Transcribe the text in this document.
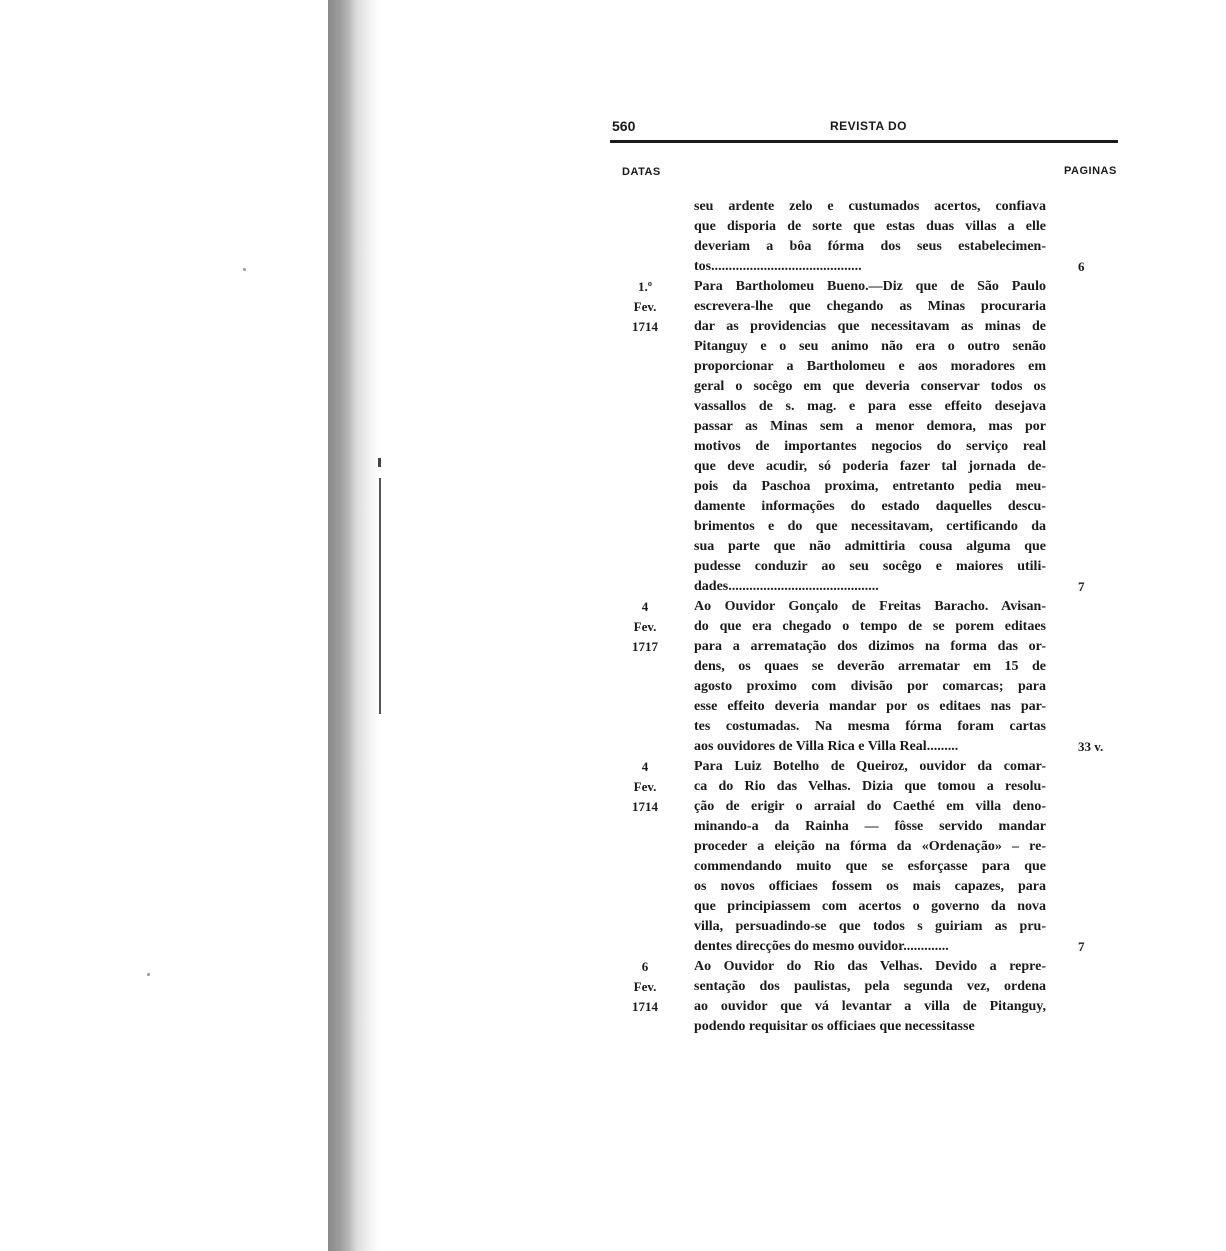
560	REVISTA DO
DATAS	PAGINAS
seu ardente zelo e custumados acertos, confiava
que disporia de sorte que estas duas villas a elle
deveriam a bôa fórma dos seus estabelecimen-
tos...........................................	6
1.º
Fev.
1714
Para Bartholomeu Bueno.—Diz que de São Paulo
escrevera-lhe que chegando as Minas procuraria
dar as providencias que necessitavam as minas de
Pitanguy e o seu animo não era o outro senão
proporcionar a Bartholomeu e aos moradores em
geral o socêgo em que deveria conservar todos os
vassallos de s. mag. e para esse effeito desejava
passar as Minas sem a menor demora, mas por
motivos de importantes negocios do serviço real
que deve acudir, só poderia fazer tal jornada de-
pois da Paschoa proxima, entretanto pedia meu-
damente informações do estado daquelles descu-
brimentos e do que necessitavam, certificando da
sua parte que não admittiria cousa alguma que
pudesse conduzir ao seu socêgo e maiores utili-
dades...........................................	7
4
Fev.
1717
Ao Ouvidor Gonçalo de Freitas Baracho. Avisan-
do que era chegado o tempo de se porem editaes
para a arrematação dos dizimos na forma das or-
dens, os quaes se deverão arrematar em 15 de
agosto proximo com divisão por comarcas; para
esse effeito deveria mandar por os editaes nas par-
tes costumadas. Na mesma fórma foram cartas
aos ouvidores de Villa Rica e Villa Real.........	33 v.
4
Fev.
1714
Para Luiz Botelho de Queiroz, ouvidor da comar-
ca do Rio das Velhas. Dizia que tomou a resolu-
ção de erigir o arraial do Caethé em villa deno-
minando-a da Rainha — fôsse servido mandar
proceder a eleição na fórma da «Ordenação» – re-
commendando muito que se esforçasse para que
os novos officiaes fossem os mais capazes, para
que principiassem com acertos o governo da nova
villa, persuadindo-se que todos s guiriam as pru-
dentes direcções do mesmo ouvidor.............	7
6
Fev.
1714
Ao Ouvidor do Rio das Velhas. Devido a repre-
sentação dos paulistas, pela segunda vez, ordena
ao ouvidor que vá levantar a villa de Pitanguy,
podendo requisitar os officiaes que necessitasse
